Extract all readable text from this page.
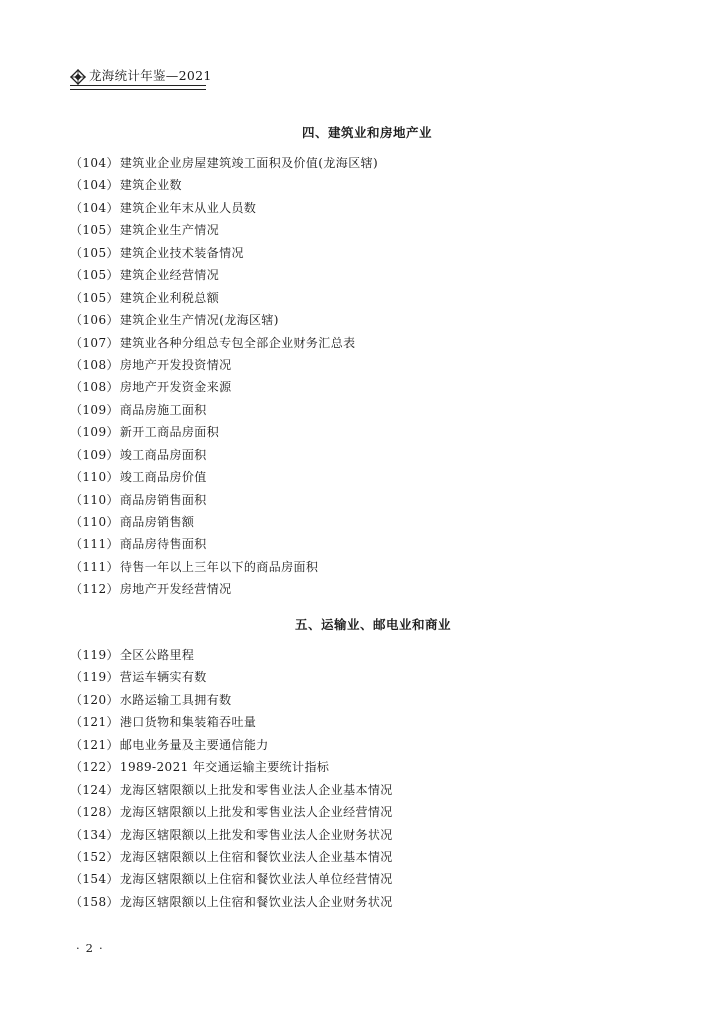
龙海统计年鉴—2021
四、建筑业和房地产业
（104）建筑业企业房屋建筑竣工面积及价值(龙海区辖)
（104）建筑企业数
（104）建筑企业年末从业人员数
（105）建筑企业生产情况
（105）建筑企业技术装备情况
（105）建筑企业经营情况
（105）建筑企业利税总额
（106）建筑企业生产情况(龙海区辖)
（107）建筑业各种分组总专包全部企业财务汇总表
（108）房地产开发投资情况
（108）房地产开发资金来源
（109）商品房施工面积
（109）新开工商品房面积
（109）竣工商品房面积
（110）竣工商品房价值
（110）商品房销售面积
（110）商品房销售额
（111）商品房待售面积
（111）待售一年以上三年以下的商品房面积
（112）房地产开发经营情况
五、运输业、邮电业和商业
（119）全区公路里程
（119）营运车辆实有数
（120）水路运输工具拥有数
（121）港口货物和集装箱吞吐量
（121）邮电业务量及主要通信能力
（122）1989-2021 年交通运输主要统计指标
（124）龙海区辖限额以上批发和零售业法人企业基本情况
（128）龙海区辖限额以上批发和零售业法人企业经营情况
（134）龙海区辖限额以上批发和零售业法人企业财务状况
（152）龙海区辖限额以上住宿和餐饮业法人企业基本情况
（154）龙海区辖限额以上住宿和餐饮业法人单位经营情况
（158）龙海区辖限额以上住宿和餐饮业法人企业财务状况
· 2 ·
